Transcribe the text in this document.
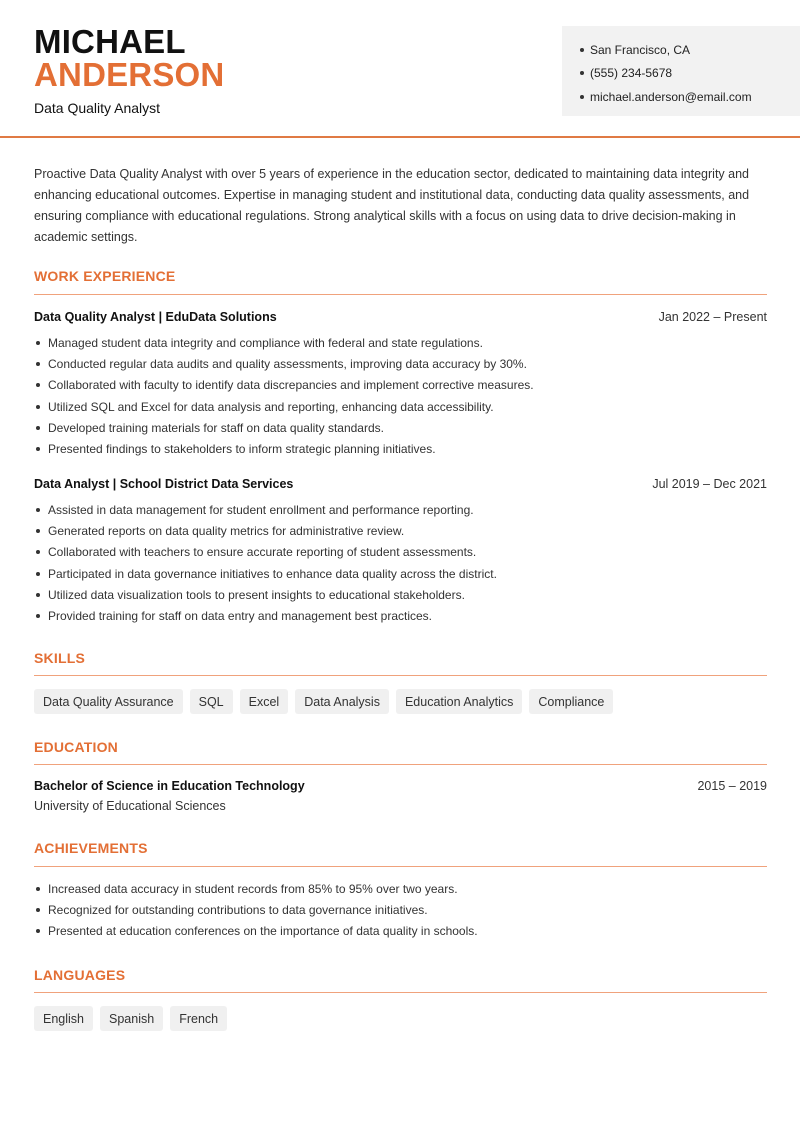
MICHAEL
ANDERSON
Data Quality Analyst
San Francisco, CA
(555) 234-5678
michael.anderson@email.com

Proactive Data Quality Analyst with over 5 years of experience in the education sector, dedicated to maintaining data integrity and enhancing educational outcomes. Expertise in managing student and institutional data, conducting data quality assessments, and ensuring compliance with educational regulations. Strong analytical skills with a focus on using data to drive decision-making in academic settings.

WORK EXPERIENCE
Data Quality Analyst | EduData Solutions	Jan 2022 – Present
Managed student data integrity and compliance with federal and state regulations.
Conducted regular data audits and quality assessments, improving data accuracy by 30%.
Collaborated with faculty to identify data discrepancies and implement corrective measures.
Utilized SQL and Excel for data analysis and reporting, enhancing data accessibility.
Developed training materials for staff on data quality standards.
Presented findings to stakeholders to inform strategic planning initiatives.
Data Analyst | School District Data Services	Jul 2019 – Dec 2021
Assisted in data management for student enrollment and performance reporting.
Generated reports on data quality metrics for administrative review.
Collaborated with teachers to ensure accurate reporting of student assessments.
Participated in data governance initiatives to enhance data quality across the district.
Utilized data visualization tools to present insights to educational stakeholders.
Provided training for staff on data entry and management best practices.
SKILLS
Data Quality Assurance	SQL	Excel	Data Analysis	Education Analytics	Compliance
EDUCATION
Bachelor of Science in Education Technology	2015 – 2019
University of Educational Sciences
ACHIEVEMENTS
Increased data accuracy in student records from 85% to 95% over two years.
Recognized for outstanding contributions to data governance initiatives.
Presented at education conferences on the importance of data quality in schools.
LANGUAGES
English	Spanish	French
